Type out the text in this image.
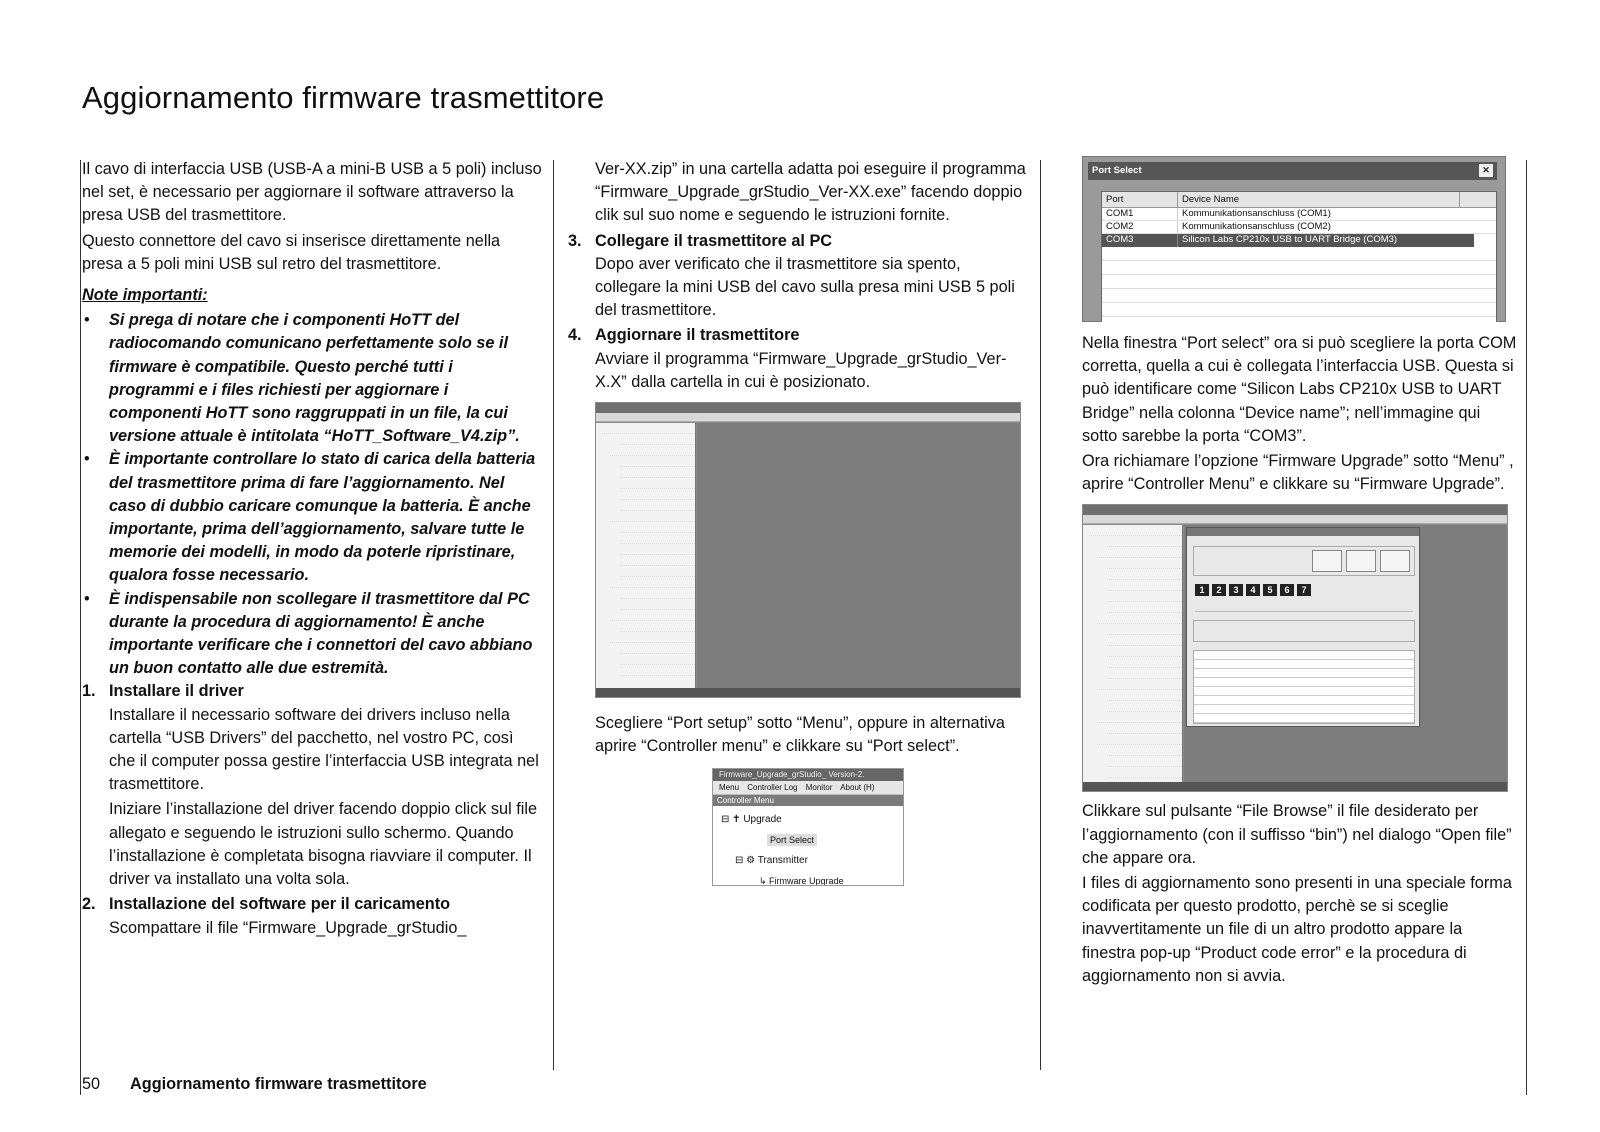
Aggiornamento firmware trasmettitore

Il cavo di interfaccia USB (USB-A a mini-B USB a 5 poli) incluso nel set, è necessario per aggiornare il software attraverso la presa USB del trasmettitore.

Questo connettore del cavo si inserisce direttamente nella presa a 5 poli mini USB sul retro del trasmettitore.

Note importanti:

• Si prega di notare che i componenti HoTT del radiocomando comunicano perfettamente solo se il firmware è compatibile. Questo perché tutti i programmi e i files richiesti per aggiornare i componenti HoTT sono raggruppati in un file, la cui versione attuale è intitolata “HoTT_Software_V4.zip”.
• È importante controllare lo stato di carica della batteria del trasmettitore prima di fare l’aggiornamento. Nel caso di dubbio caricare comunque la batteria. È anche importante, prima dell’aggiornamento, salvare tutte le memorie dei modelli, in modo da poterle ripristinare, qualora fosse necessario.
• È indispensabile non scollegare il trasmettitore dal PC durante la procedura di aggiornamento! È anche importante verificare che i connettori del cavo abbiano un buon contatto alle due estremità.
1. Installare il driver

Installare il necessario software dei drivers incluso nella cartella “USB Drivers” del pacchetto, nel vostro PC, così che il computer possa gestire l’interfaccia USB integrata nel trasmettitore.

Iniziare l’installazione del driver facendo doppio click sul file allegato e seguendo le istruzioni sullo schermo. Quando l’installazione è completata bisogna riavviare il computer. Il driver va installato una volta sola.

2. Installazione del software per il caricamento

Scompattare il file “Firmware_Upgrade_grStudio_

Ver-XX.zip” in una cartella adatta poi eseguire il programma “Firmware_Upgrade_grStudio_Ver-XX.exe” facendo doppio clik sul suo nome e seguendo le istruzioni fornite.

3. Collegare il trasmettitore al PC

Dopo aver verificato che il trasmettitore sia spento, collegare la mini USB del cavo sulla presa mini USB 5 poli del trasmettitore.

4. Aggiornare il trasmettitore

Avviare il programma “Firmware_Upgrade_grStudio_Ver-X.X” dalla cartella in cui è posizionato.

Scegliere “Port setup” sotto “Menu”, oppure in alternativa aprire “Controller menu” e clikkare su “Port select”.

Firmware_Upgrade_grStudio_ Version-2.
Menu Controller Log Monitor About (H)
Controller Menu
⊟ ✝ Upgrade
Port Select
⊟ ⚙ Transmitter
↳ Firmware Upgrade
Port Select	✕
Port	Device Name
COM1	Kommunikationsanschluss (COM1)
COM2	Kommunikationsanschluss (COM2)
COM3	Silicon Labs CP210x USB to UART Bridge (COM3)

Nella finestra “Port select” ora si può scegliere la porta COM corretta, quella a cui è collegata l’interfaccia USB. Questa si può identificare come “Silicon Labs CP210x USB to UART Bridge” nella colonna “Device name”; nell’immagine qui sotto sarebbe la porta “COM3”.

Ora richiamare l’opzione “Firmware Upgrade” sotto “Menu” , aprire “Controller Menu” e clikkare su “Firmware Upgrade”.

1	2	3	4	5	6	7

Clikkare sul pulsante “File Browse” il file desiderato per l’aggiornamento (con il suffisso “bin”) nel dialogo “Open file” che appare ora.

I files di aggiornamento sono presenti in una speciale forma codificata per questo prodotto, perchè se si sceglie inavvertitamente un file di un altro prodotto appare la finestra pop-up “Product code error” e la procedura di aggiornamento non si avvia.

50 Aggiornamento firmware trasmettitore
